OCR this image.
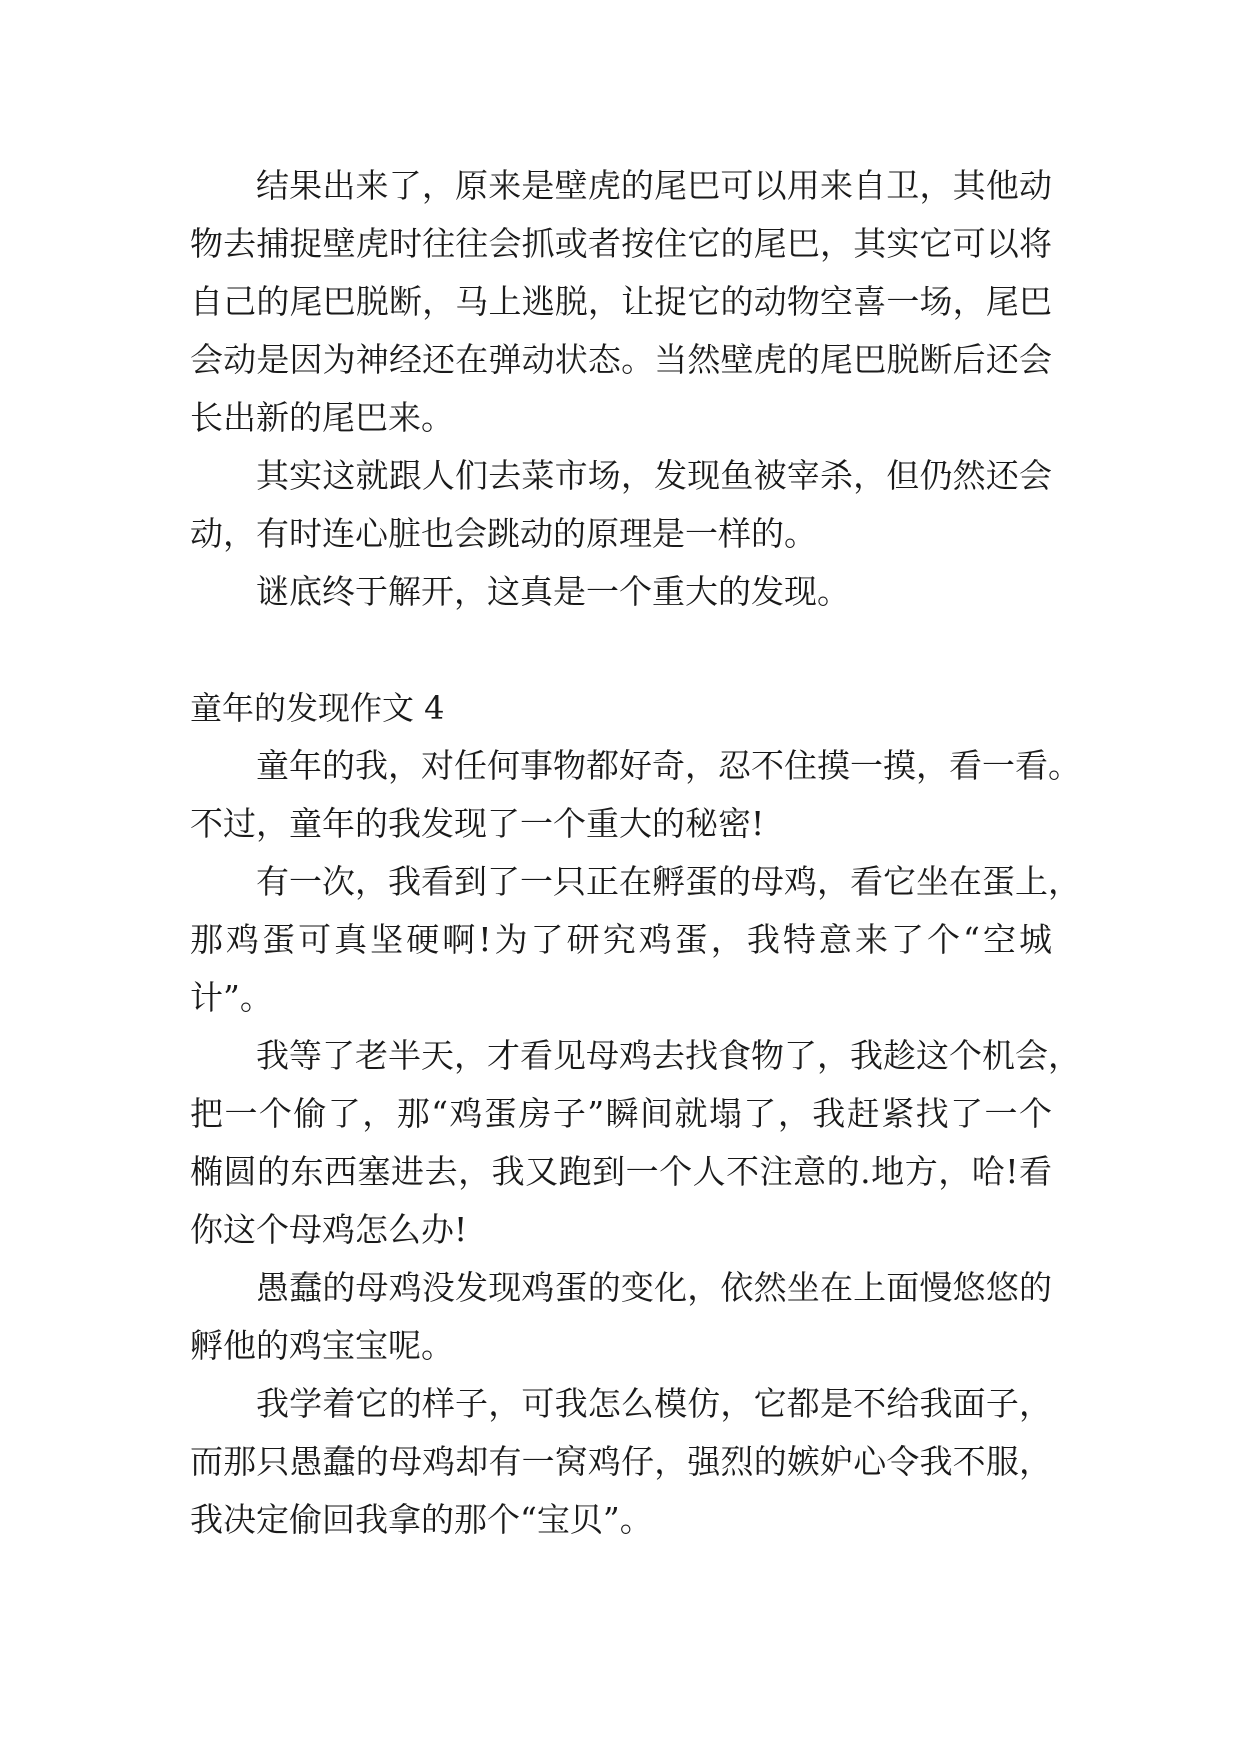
结果出来了，原来是壁虎的尾巴可以用来自卫，其他动

物去捕捉壁虎时往往会抓或者按住它的尾巴，其实它可以将

自己的尾巴脱断，马上逃脱，让捉它的动物空喜一场，尾巴

会动是因为神经还在弹动状态。当然壁虎的尾巴脱断后还会

长出新的尾巴来。

其实这就跟人们去菜市场，发现鱼被宰杀，但仍然还会

动，有时连心脏也会跳动的原理是一样的。

谜底终于解开，这真是一个重大的发现。

童年的发现作文 4

童年的我，对任何事物都好奇，忍不住摸一摸，看一看。

不过，童年的我发现了一个重大的秘密!

有一次，我看到了一只正在孵蛋的母鸡，看它坐在蛋上，

那鸡蛋可真坚硬啊!为了研究鸡蛋，我特意来了个“空城

计”。

我等了老半天，才看见母鸡去找食物了，我趁这个机会，

把一个偷了，那“鸡蛋房子”瞬间就塌了，我赶紧找了一个

椭圆的东西塞进去，我又跑到一个人不注意的.地方，哈!看

你这个母鸡怎么办!

愚蠢的母鸡没发现鸡蛋的变化，依然坐在上面慢悠悠的

孵他的鸡宝宝呢。

我学着它的样子，可我怎么模仿，它都是不给我面子，

而那只愚蠢的母鸡却有一窝鸡仔，强烈的嫉妒心令我不服，

我决定偷回我拿的那个“宝贝”。
